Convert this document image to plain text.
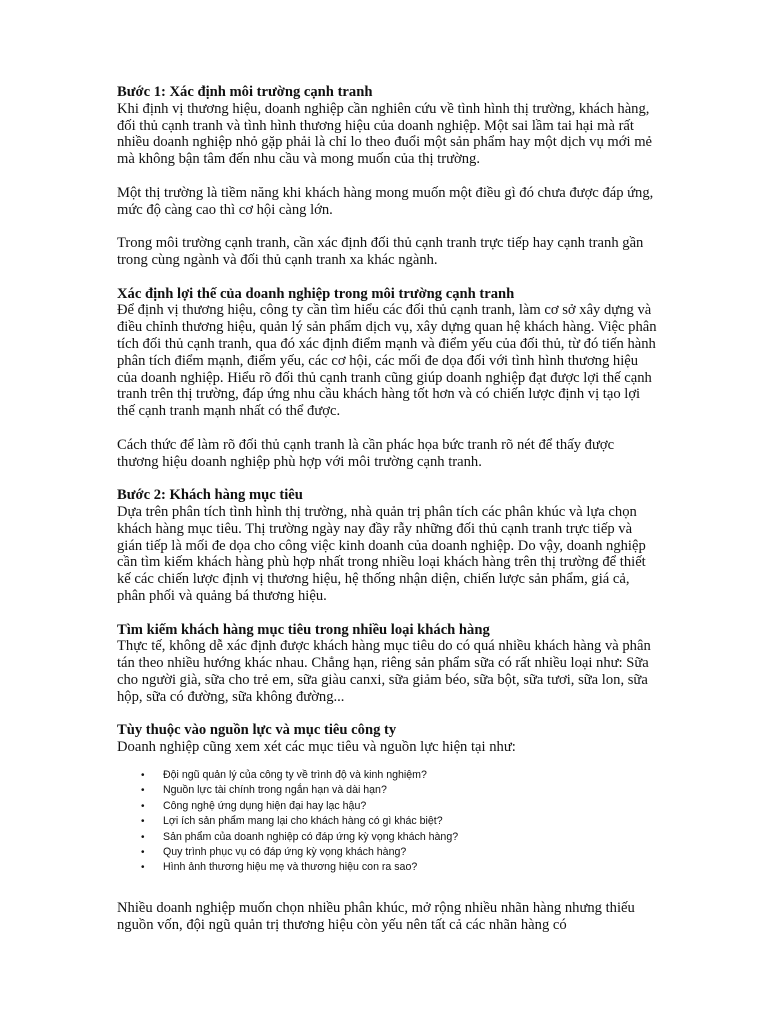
Bước 1: Xác định môi trường cạnh tranh

Khi định vị thương hiệu, doanh nghiệp cần nghiên cứu về tình hình thị trường, khách hàng, đối thủ cạnh tranh và tình hình thương hiệu của doanh nghiệp. Một sai lầm tai hại mà rất nhiều doanh nghiệp nhỏ gặp phải là chỉ lo theo đuổi một sản phẩm hay một dịch vụ mới mẻ mà không bận tâm đến nhu cầu và mong muốn của thị trường.

Một thị trường là tiềm năng khi khách hàng mong muốn một điều gì đó chưa được đáp ứng, mức độ càng cao thì cơ hội càng lớn.

Trong môi trường cạnh tranh, cần xác định đối thủ cạnh tranh trực tiếp hay cạnh tranh gần trong cùng ngành và đối thủ cạnh tranh xa khác ngành.

Xác định lợi thế của doanh nghiệp trong môi trường cạnh tranh

Để định vị thương hiệu, công ty cần tìm hiểu các đối thủ cạnh tranh, làm cơ sở xây dựng và điều chỉnh thương hiệu, quản lý sản phẩm dịch vụ, xây dựng quan hệ khách hàng. Việc phân tích đối thủ cạnh tranh, qua đó xác định điểm mạnh và điểm yếu của đối thủ, từ đó tiến hành phân tích điểm mạnh, điểm yếu, các cơ hội, các mối đe dọa đối với tình hình thương hiệu của doanh nghiệp. Hiểu rõ đối thủ cạnh tranh cũng giúp doanh nghiệp đạt được lợi thế cạnh tranh trên thị trường, đáp ứng nhu cầu khách hàng tốt hơn và có chiến lược định vị tạo lợi thế cạnh tranh mạnh nhất có thể được.

Cách thức để làm rõ đối thủ cạnh tranh là cần phác họa bức tranh rõ nét để thấy được thương hiệu doanh nghiệp phù hợp với môi trường cạnh tranh.

Bước 2: Khách hàng mục tiêu

Dựa trên phân tích tình hình thị trường, nhà quản trị phân tích các phân khúc và lựa chọn khách hàng mục tiêu. Thị trường ngày nay đầy rẫy những đối thủ cạnh tranh trực tiếp và gián tiếp là mối đe dọa cho công việc kinh doanh của doanh nghiệp. Do vậy, doanh nghiệp cần tìm kiếm khách hàng phù hợp nhất trong nhiều loại khách hàng trên thị trường để thiết kế các chiến lược định vị thương hiệu, hệ thống nhận diện, chiến lược sản phẩm, giá cả, phân phối và quảng bá thương hiệu.

Tìm kiếm khách hàng mục tiêu trong nhiều loại khách hàng

Thực tế, không dễ xác định được khách hàng mục tiêu do có quá nhiều khách hàng và phân tán theo nhiều hướng khác nhau. Chẳng hạn, riêng sản phẩm sữa có rất nhiều loại như: Sữa cho người già, sữa cho trẻ em, sữa giàu canxi, sữa giảm béo, sữa bột, sữa tươi, sữa lon, sữa hộp, sữa có đường, sữa không đường...

Tùy thuộc vào nguồn lực và mục tiêu công ty

Doanh nghiệp cũng xem xét các mục tiêu và nguồn lực hiện tại như:

• Đội ngũ quản lý của công ty về trình độ và kinh nghiệm?
• Nguồn lực tài chính trong ngắn hạn và dài hạn?
• Công nghệ ứng dụng hiện đại hay lạc hậu?
• Lợi ích sản phẩm mang lại cho khách hàng có gì khác biệt?
• Sản phẩm của doanh nghiệp có đáp ứng kỳ vọng khách hàng?
• Quy trình phục vụ có đáp ứng kỳ vọng khách hàng?
• Hình ảnh thương hiệu mẹ và thương hiệu con ra sao?

Nhiều doanh nghiệp muốn chọn nhiều phân khúc, mở rộng nhiều nhãn hàng nhưng thiếu nguồn vốn, đội ngũ quản trị thương hiệu còn yếu nên tất cả các nhãn hàng có
